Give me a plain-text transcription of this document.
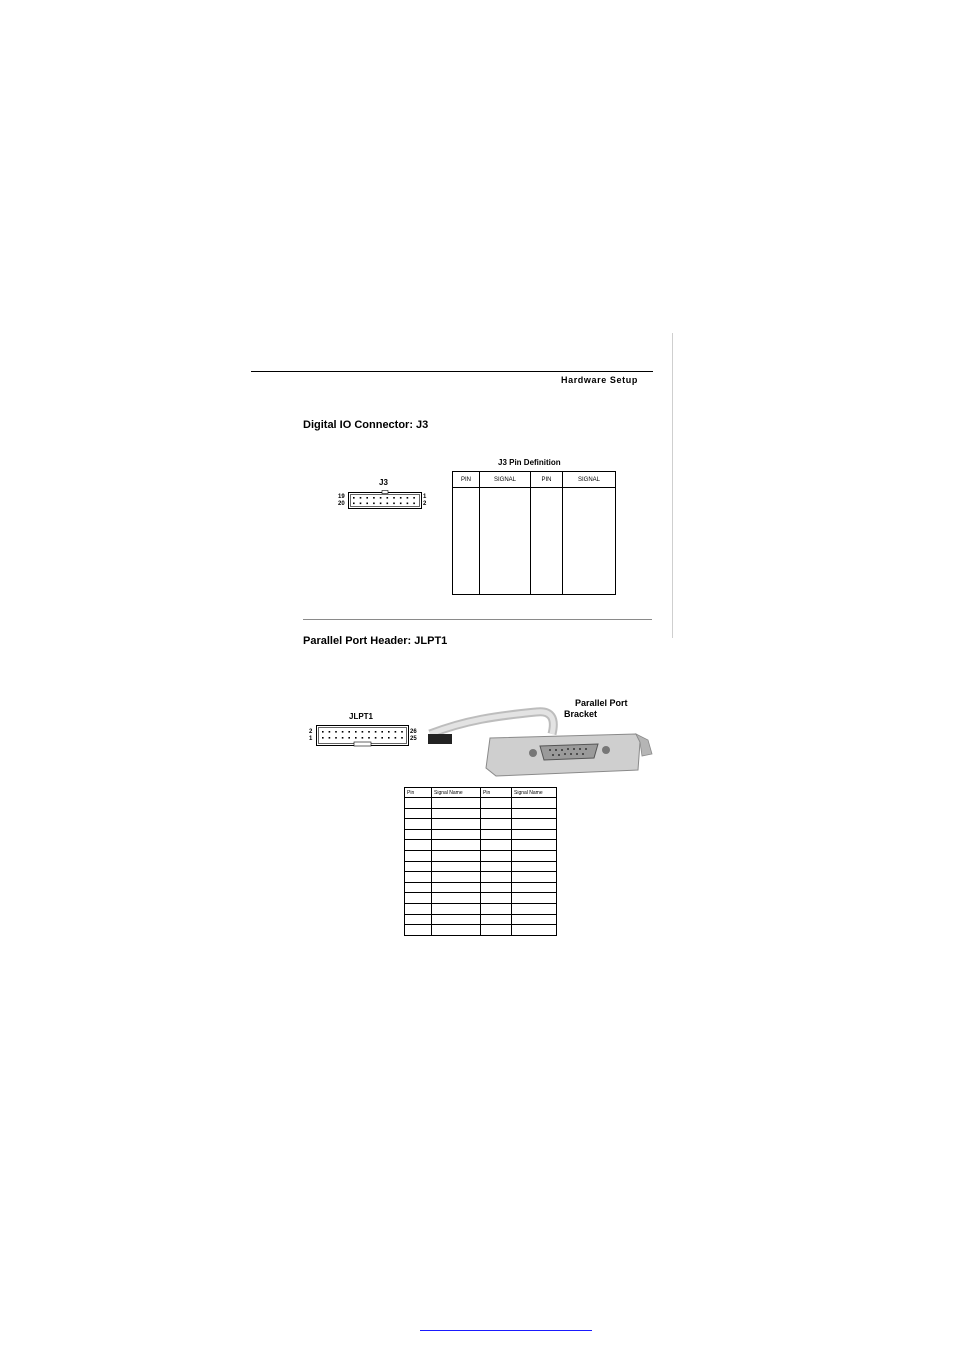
Hardware Setup
Digital IO Connector: J3
J3
19
20
1
2
J3 Pin Definition
PIN	SIGNAL	PIN	SIGNAL

Parallel Port Header: JLPT1
JLPT1
2
1
26
25
Parallel Port
Bracket
Pin	Signal Name	Pin	Signal Name
